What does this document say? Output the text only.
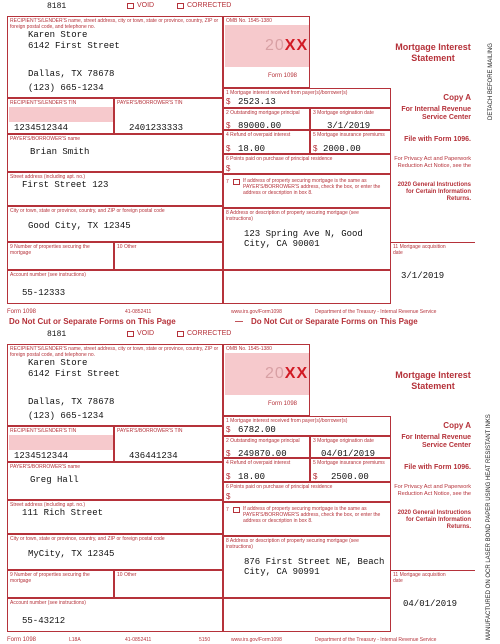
8181	VOID	CORRECTED
RECIPIENT'S/LENDER'S name, street address, city or town, state or province, country, ZIP or foreign postal code, and telephone no.
Karen Store
6142 First Street
Dallas, TX 78678
(123) 665-1234
RECIPIENT'S/LENDER'S TIN
1234512344
PAYER'S/BORROWER'S TIN
2401233333
PAYER'S/BORROWER'S name
Brian Smith
Street address (including apt. no.)
First Street 123
City or town, state or province, country, and ZIP or foreign postal code
Good City, TX 12345
9 Number of properties securing the mortgage
10 Other
Account number (see instructions)
55-12333
OMB No. 1545-1380
20XX
Form 1098
1 Mortgage interest received from payer(s)/borrower(s)
$ 2523.13
2 Outstanding mortgage principal
$ 89000.00
3 Mortgage origination date
3/1/2019
4 Refund of overpaid interest
$ 18.00
5 Mortgage insurance premiums
$ 2000.00
6 Points paid on purchase of principal residence
$
7	If address of property securing mortgage is the same as PAYER'S/BORROWER'S address, check the box, or enter the address or description in box 8.
8 Address or description of property securing mortgage (see instructions)
123 Spring Ave N, Good
City, CA 90001	11 Mortgage acquisition date
3/1/2019
Mortgage Interest Statement
Copy A
For Internal Revenue Service Center
File with Form 1096.
For Privacy Act and Paperwork Reduction Act Notice, see the
2020 General Instructions for Certain Information Returns.
Form 1098	41-0852411	www.irs.gov/Form1098	Department of the Treasury - Internal Revenue Service
Do Not Cut or Separate Forms on This Page	— Do Not Cut or Separate Forms on This Page
8181	VOID	CORRECTED
RECIPIENT'S/LENDER'S name, street address, city or town, state or province, country, ZIP or foreign postal code, and telephone no.
Karen Store
6142 First Street
Dallas, TX 78678
(123) 665-1234
RECIPIENT'S/LENDER'S TIN
1234512344
PAYER'S/BORROWER'S TIN
436441234
PAYER'S/BORROWER'S name
Greg Hall
Street address (including apt. no.)
111 Rich Street
City or town, state or province, country, and ZIP or foreign postal code
MyCity, TX 12345
9 Number of properties securing the mortgage
10 Other
Account number (see instructions)
55-43212
OMB No. 1545-1380
20XX
Form 1098
1 Mortgage interest received from payer(s)/borrower(s)
$ 6782.00
2 Outstanding mortgage principal
$ 249870.00
3 Mortgage origination date
04/01/2019
4 Refund of overpaid interest
$ 18.00
5 Mortgage insurance premiums
$ 2500.00
6 Points paid on purchase of principal residence
$
7	If address of property securing mortgage is the same as PAYER'S/BORROWER'S address, check the box, or enter the address or description in box 8.
8 Address or description of property securing mortgage (see instructions)
876 First Street NE, Beach
City, CA 90991	11 Mortgage acquisition date
04/01/2019
Mortgage Interest Statement
Copy A
For Internal Revenue Service Center
File with Form 1096.
For Privacy Act and Paperwork Reduction Act Notice, see the
2020 General Instructions for Certain Information Returns.
Form 1098	L18A	41-0852411	5150	www.irs.gov/Form1098	Department of the Treasury - Internal Revenue Service
DETACH BEFORE MAILING
MANUFACTURED ON OCR LASER BOND PAPER USING HEAT RESISTANT INKS
